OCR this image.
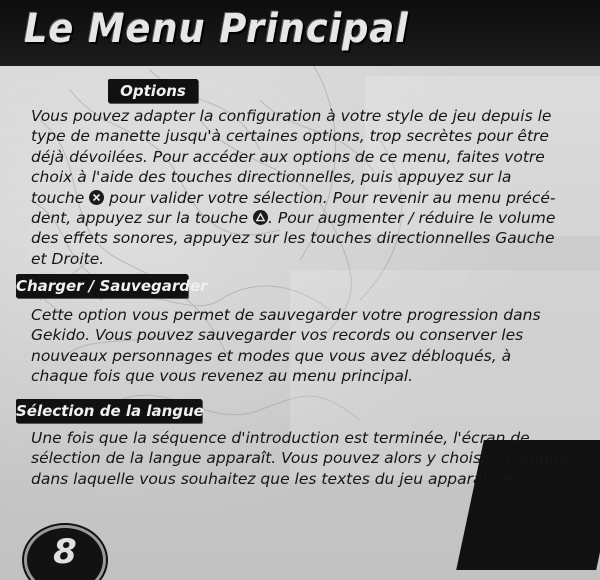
Le Menu Principal
Options
Vous pouvez adapter la configuration à votre style de jeu depuis le
type de manette jusqu'à certaines options, trop secrètes pour être
déjà dévoilées. Pour accéder aux options de ce menu, faites votre
choix à l'aide des touches directionnelles, puis appuyez sur la
touche
pour valider votre sélection. Pour revenir au menu précé-
dent, appuyez sur la touche
. Pour augmenter / réduire le volume
des effets sonores, appuyez sur les touches directionnelles Gauche
et Droite.
Charger / Sauvegarder
Cette option vous permet de sauvegarder votre progression dans
Gekido. Vous pouvez sauvegarder vos records ou conserver les
nouveaux personnages et modes que vous avez débloqués, à
chaque fois que vous revenez au menu principal.
Sélection de la langue
Une fois que la séquence d'introduction est terminée, l'écran de
sélection de la langue apparaît. Vous pouvez alors y choisir la langue
dans laquelle vous souhaitez que les textes du jeu apparaissent.
8
